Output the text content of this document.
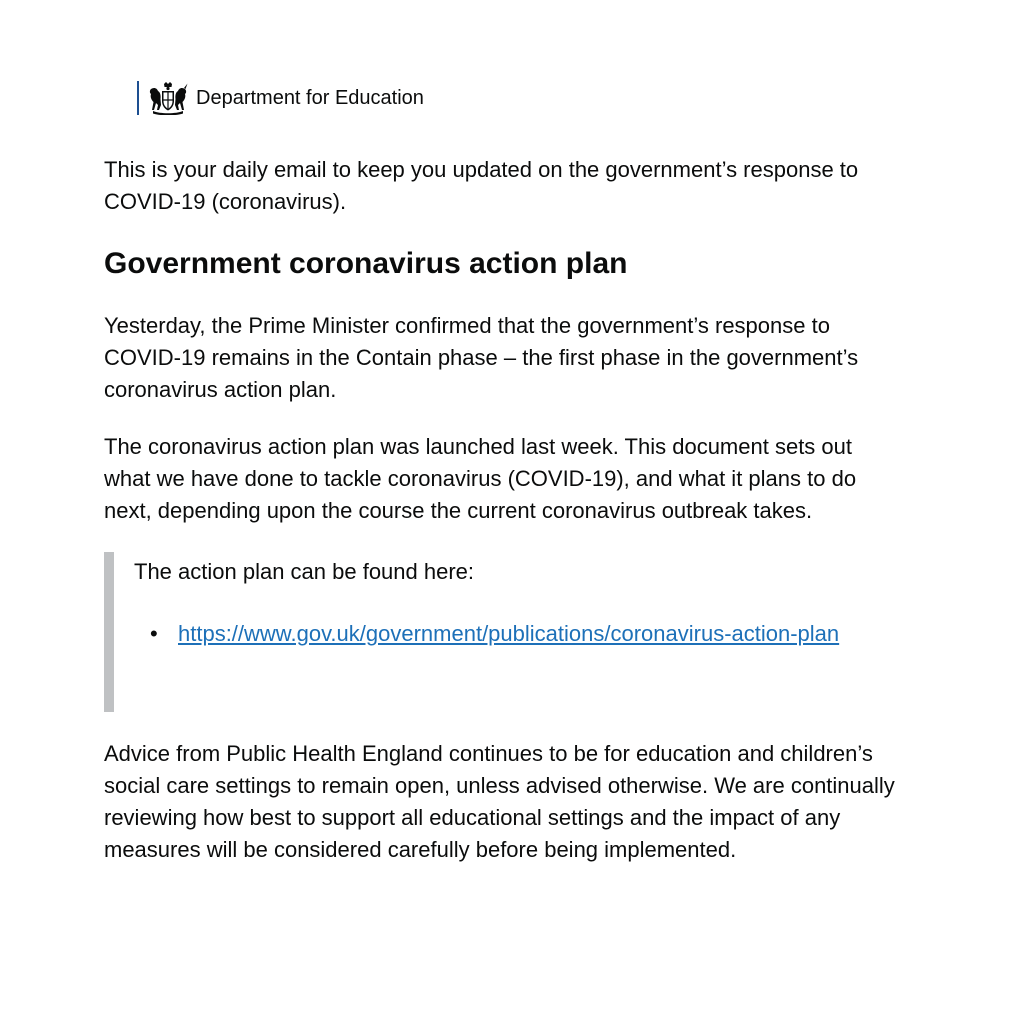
Department for Education

This is your daily email to keep you updated on the government’s response to COVID-19 (coronavirus).

Government coronavirus action plan

Yesterday, the Prime Minister confirmed that the government’s response to COVID-19 remains in the Contain phase – the first phase in the government’s coronavirus action plan.

The coronavirus action plan was launched last week. This document sets out what we have done to tackle coronavirus (COVID-19), and what it plans to do next, depending upon the course the current coronavirus outbreak takes.

The action plan can be found here:

• https://www.gov.uk/government/publications/coronavirus-action-plan

Advice from Public Health England continues to be for education and children’s social care settings to remain open, unless advised otherwise. We are continually reviewing how best to support all educational settings and the impact of any measures will be considered carefully before being implemented.
